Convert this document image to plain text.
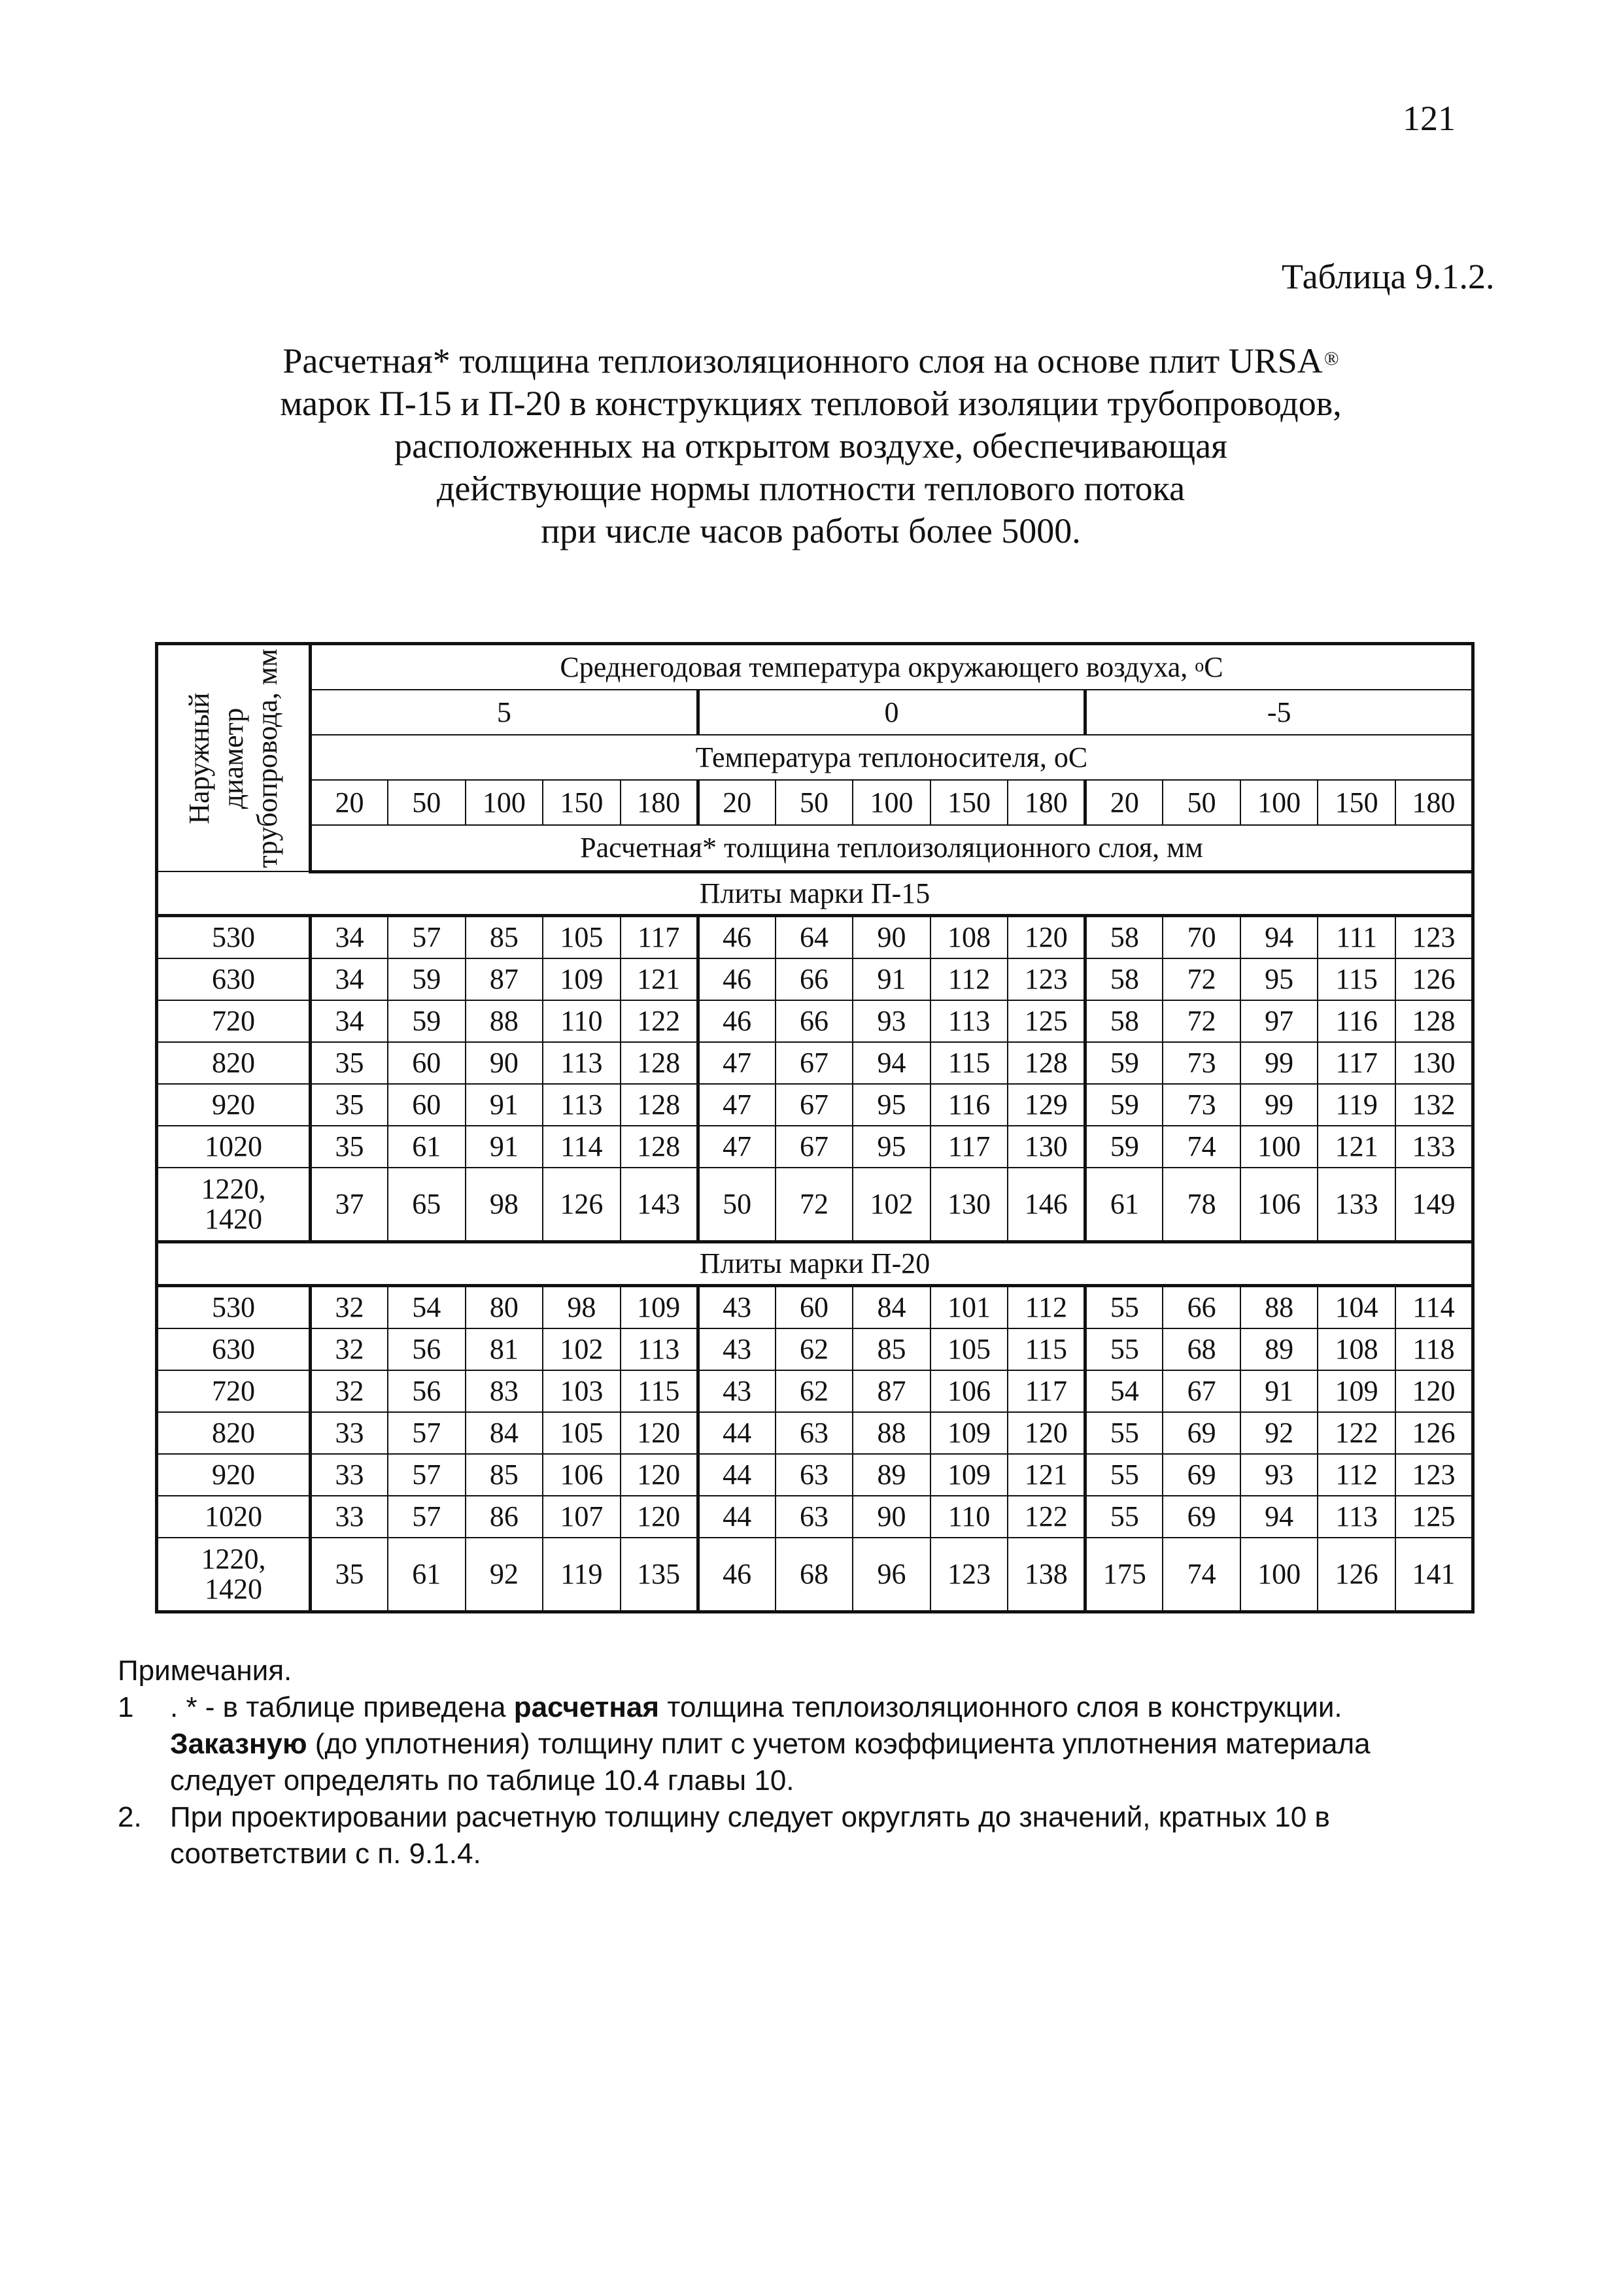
121
Таблица 9.1.2.
Расчетная* толщина теплоизоляционного слоя на основе плит URSA®
марок П-15 и П-20 в конструкциях тепловой изоляции трубопроводов,
расположенных на открытом воздухе, обеспечивающая
действующие нормы плотности теплового потока
при числе часов работы более 5000.
Наружный диаметр трубопровода, мм	Среднегодовая температура окружающего воздуха, $^o$С														
	5					0					-5				
	Температура теплоносителя, оС														
	20	50	100	150	180	20	50	100	150	180	20	50	100	150	180
	Расчетная* толщина теплоизоляционного слоя, мм														
Плиты марки П-15															

530	34	57	85	105	117	46	64	90	108	120	58	70	94	111	123

630	34	59	87	109	121	46	66	91	112	123	58	72	95	115	126

720	34	59	88	110	122	46	66	93	113	125	58	72	97	116	128

820	35	60	90	113	128	47	67	94	115	128	59	73	99	117	130

920	35	60	91	113	128	47	67	95	116	129	59	73	99	119	132

1020	35	61	91	114	128	47	67	95	117	130	59	74	100	121	133

1220,
1420	37	65	98	126	143	50	72	102	130	146	61	78	106	133	149
Плиты марки П-20															

530	32	54	80	98	109	43	60	84	101	112	55	66	88	104	114

630	32	56	81	102	113	43	62	85	105	115	55	68	89	108	118

720	32	56	83	103	115	43	62	87	106	117	54	67	91	109	120

820	33	57	84	105	120	44	63	88	109	120	55	69	92	122	126

920	33	57	85	106	120	44	63	89	109	121	55	69	93	112	123

1020	33	57	86	107	120	44	63	90	110	122	55	69	94	113	125

1220,
1420	35	61	92	119	135	46	68	96	123	138	175	74	100	126	141
Примечания.
1 . * - в таблице приведена расчетная толщина теплоизоляционного слоя в конструкции.
Заказную (до уплотнения) толщину плит с учетом коэффициента уплотнения материала
следует определять по таблице 10.4 главы 10.
2. При проектировании расчетную толщину следует округлять до значений, кратных 10 в
соответствии с п. 9.1.4.
